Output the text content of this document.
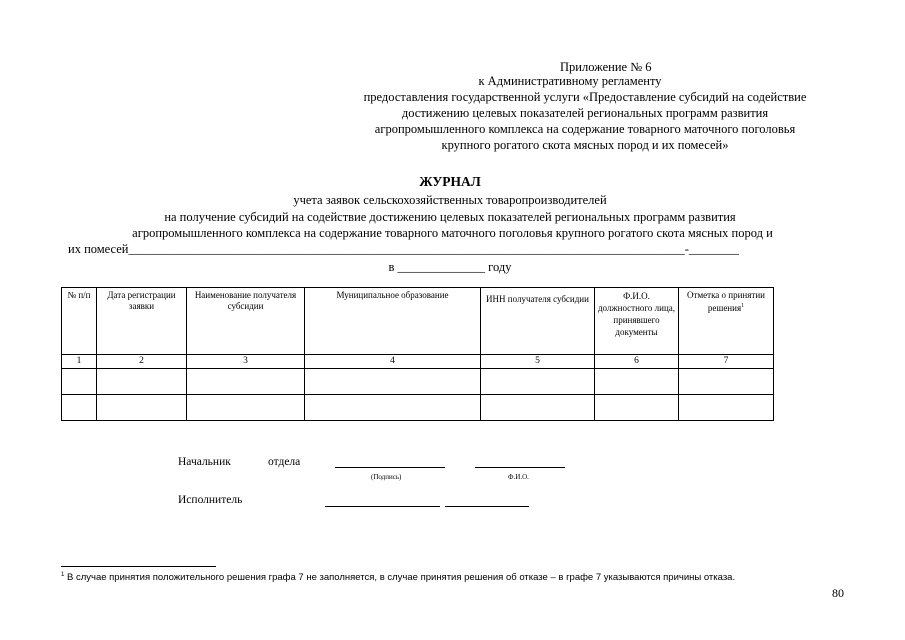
Приложение № 6
к Административному регламенту
предоставления государственной услуги «Предоставление субсидий на содействие
достижению целевых показателей региональных программ развития
агропромышленного комплекса на содержание товарного маточного поголовья
крупного рогатого скота мясных пород и их помесей»
ЖУРНАЛ
учета заявок сельскохозяйственных товаропроизводителей
на получение субсидий на содействие достижению целевых показателей региональных программ развития
агропромышленного комплекса на содержание товарного маточного поголовья крупного рогатого скота мясных пород и
их помесей_________________________________________________________________________________________-________
в ______________ году
№ п/п	Дата регистрации заявки	Наименование получателя субсидии	Муниципальное образование	ИНН получателя субсидии	Ф.И.О. должностного лица, принявшего документы	Отметка о принятии решения$^1$
1	2	3	4	5	6	7

Начальник	отдела
(Подпись)	Ф.И.О.
Исполнитель
$^1$ В случае принятия положительного решения графа 7 не заполняется, в случае принятия решения об отказе – в графе 7 указываются причины отказа.
80
